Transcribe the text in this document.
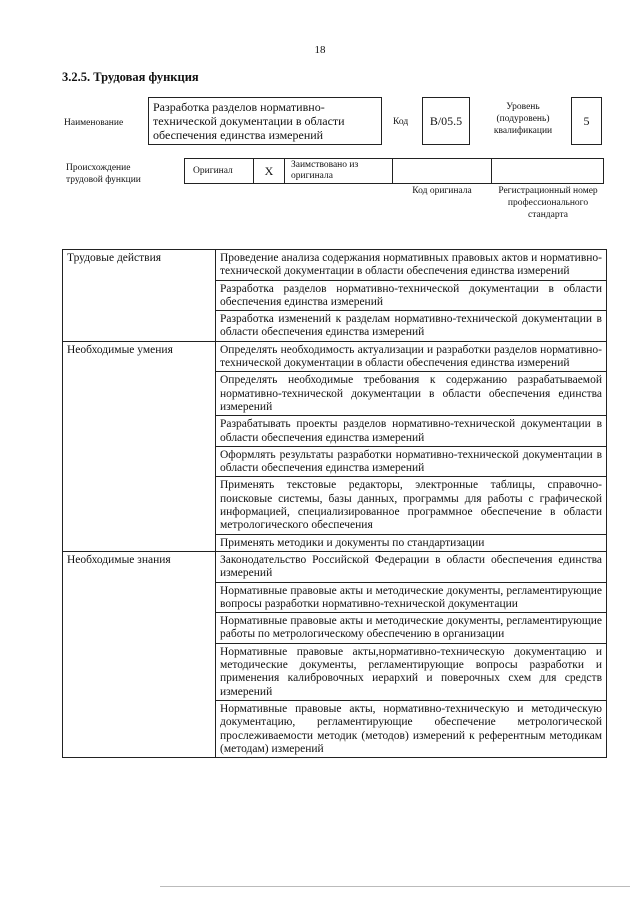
18
3.2.5. Трудовая функция
Наименование
Разработка разделов нормативно-технической документации в области обеспечения единства измерений
Код	B/05.5
Уровень (подуровень) квалификации
5
Происхождение трудовой функции
Оригинал	X	Заимствовано из оригинала
Код оригинала	Регистрационный номер профессионального стандарта
Трудовые действия	Проведение анализа содержания нормативных правовых актов и нормативно-технической документации в области обеспечения единства измерений
	Разработка разделов нормативно-технической документации в области обеспечения единства измерений
	Разработка изменений к разделам нормативно-технической документации в области обеспечения единства измерений
Необходимые умения	Определять необходимость актуализации и разработки разделов нормативно-технической документации в области обеспечения единства измерений
	Определять необходимые требования к содержанию разрабатываемой нормативно-технической документации в области обеспечения единства измерений
	Разрабатывать проекты разделов нормативно-технической документации в области обеспечения единства измерений
	Оформлять результаты разработки нормативно-технической документации в области обеспечения единства измерений
	Применять текстовые редакторы, электронные таблицы, справочно-поисковые системы, базы данных, программы для работы с графической информацией, специализированное программное обеспечение в области метрологического обеспечения
	Применять методики и документы по стандартизации
Необходимые знания	Законодательство Российской Федерации в области обеспечения единства измерений
	Нормативные правовые акты и методические документы, регламентирующие вопросы разработки нормативно-технической документации
	Нормативные правовые акты и методические документы, регламентирующие работы по метрологическому обеспечению в организации
	Нормативные правовые акты,нормативно-техническую документацию и методические документы, регламентирующие вопросы разработки и применения калибровочных иерархий и поверочных схем для средств измерений
	Нормативные правовые акты, нормативно-техническую и методическую документацию, регламентирующие обеспечение метрологической прослеживаемости методик (методов) измерений к референтным методикам (методам) измерений
